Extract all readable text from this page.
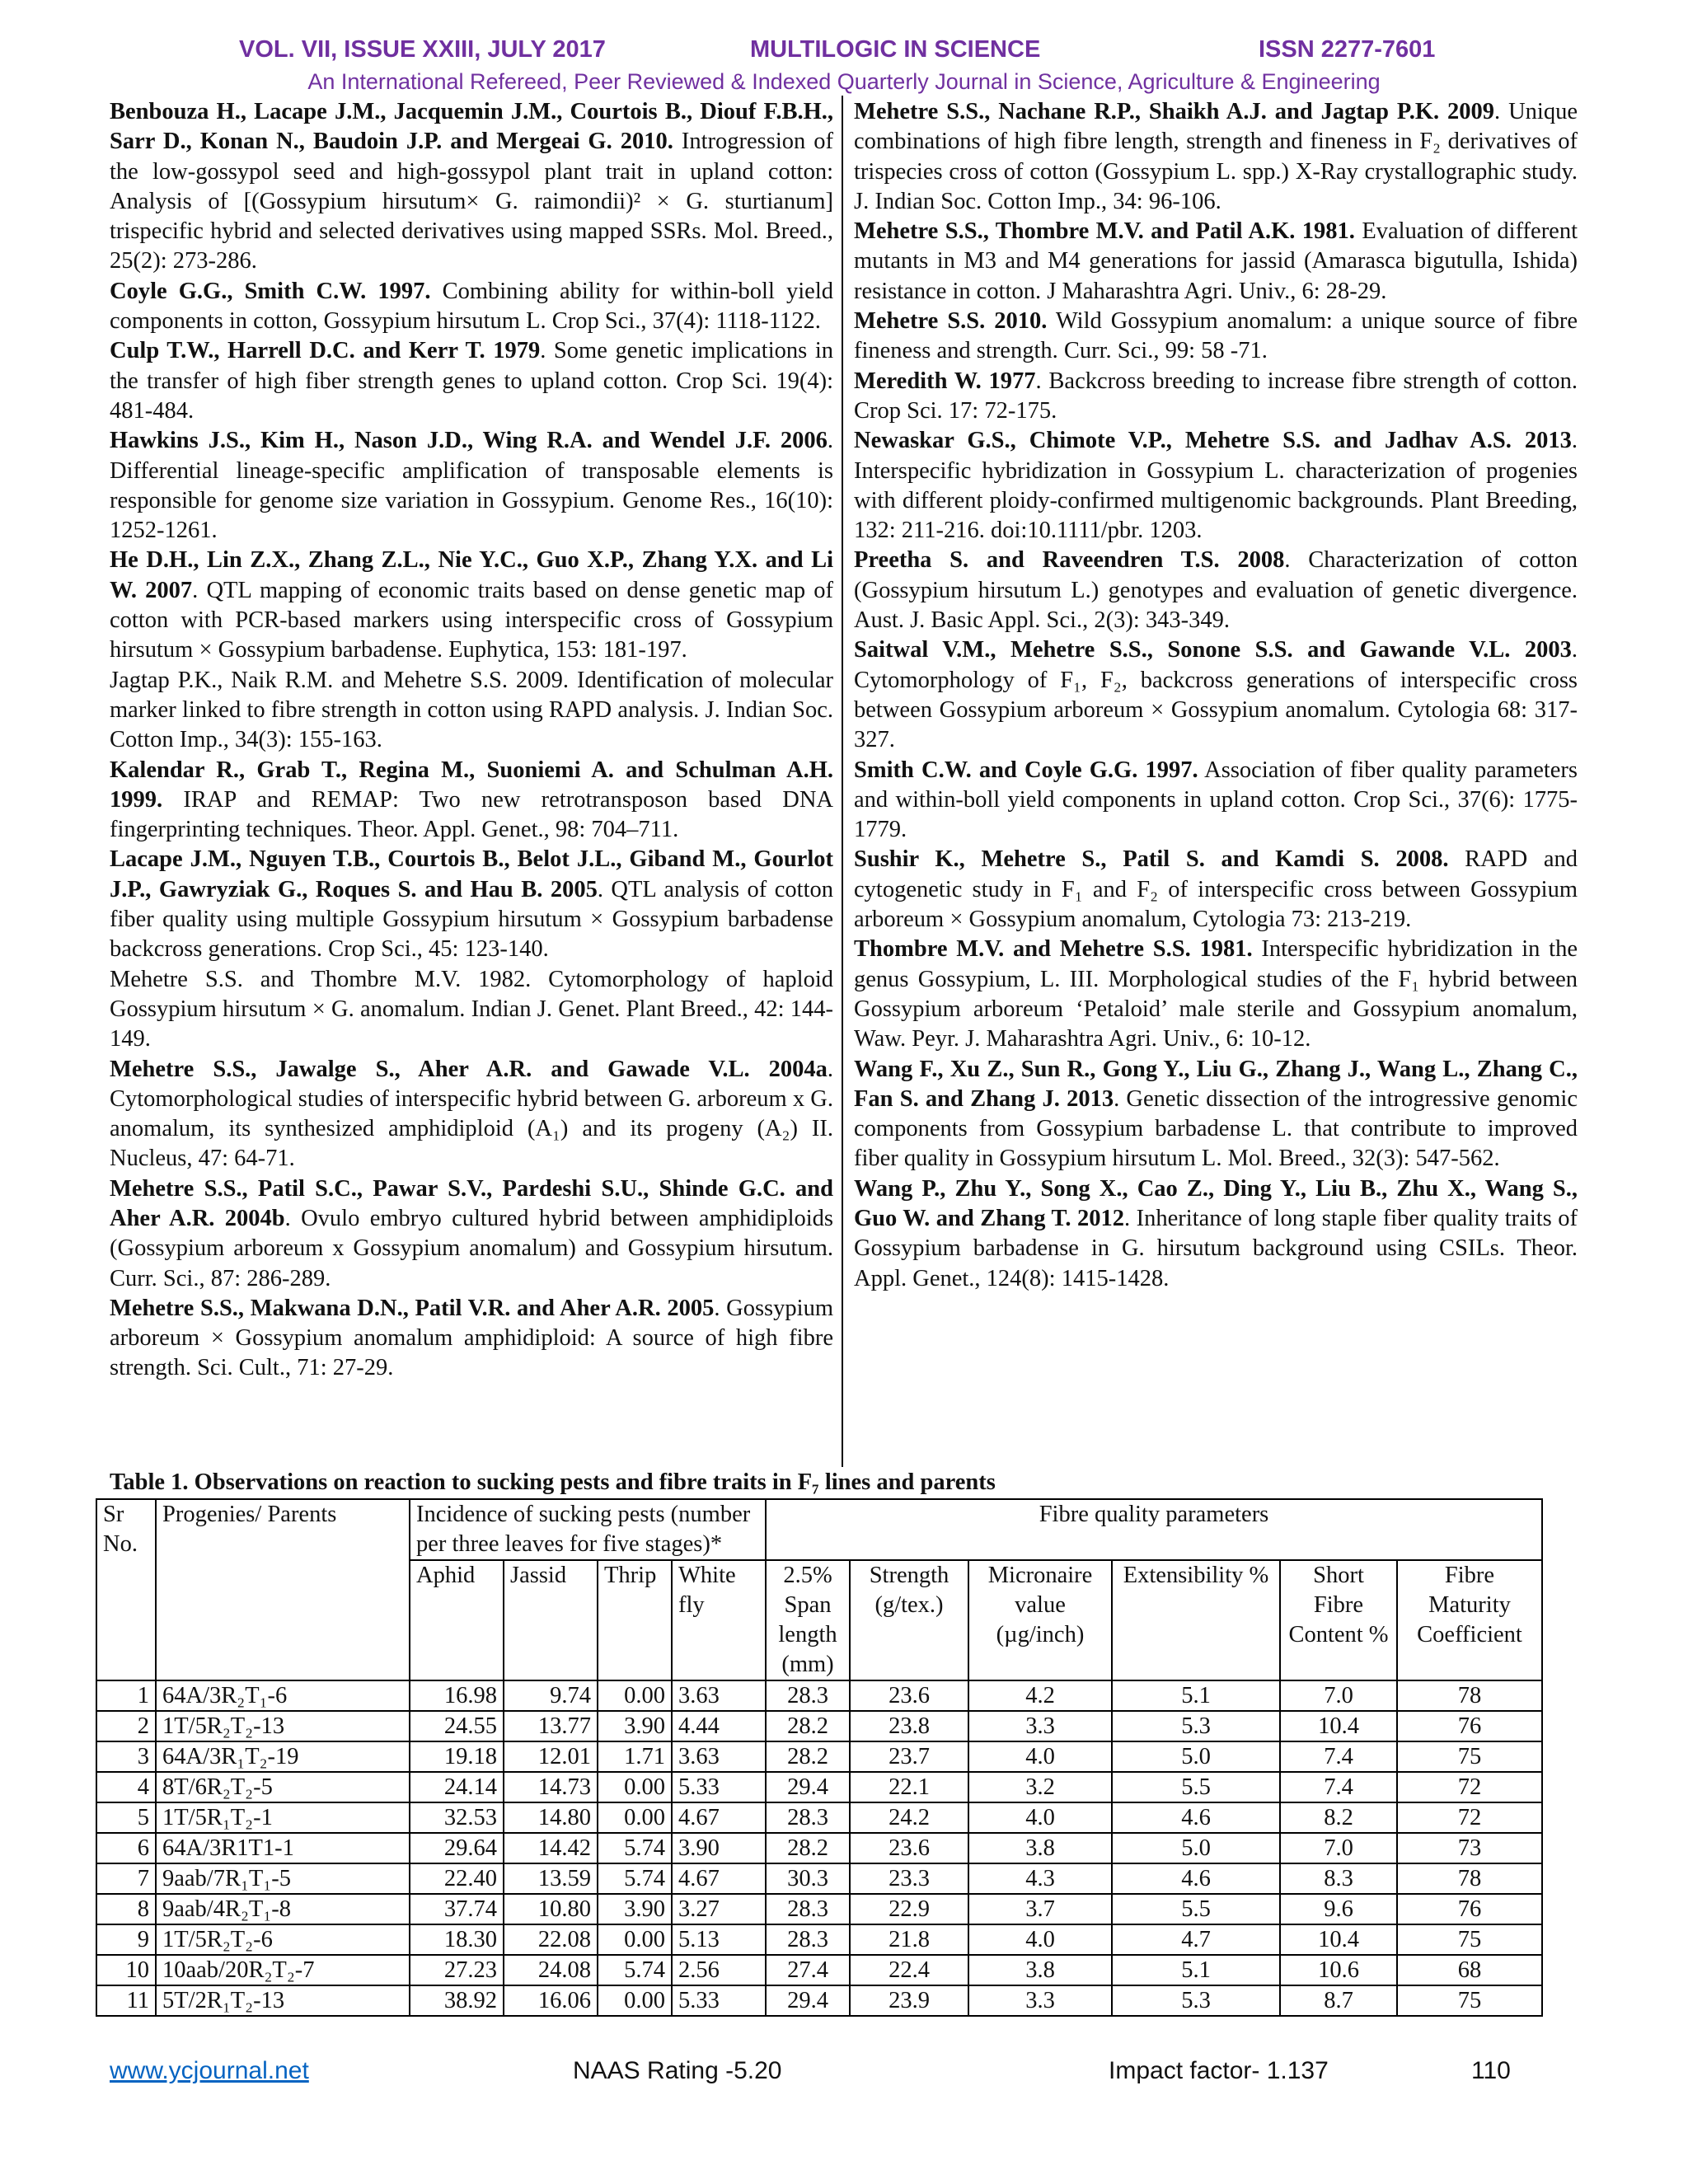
VOL. VII, ISSUE XXIII, JULY 2017	MULTILOGIC IN SCIENCE	ISSN 2277-7601
An International Refereed, Peer Reviewed & Indexed Quarterly Journal in Science, Agriculture & Engineering

Benbouza H., Lacape J.M., Jacquemin J.M., Courtois B., Diouf F.B.H., Sarr D., Konan N., Baudoin J.P. and Mergeai G. 2010. Introgression of the low-gossypol seed and high-gossypol plant trait in upland cotton: Analysis of [(Gossypium hirsutum× G. raimondii)² × G. sturtianum] trispecific hybrid and selected derivatives using mapped SSRs. Mol. Breed., 25(2): 273-286.

Coyle G.G., Smith C.W. 1997. Combining ability for within-boll yield components in cotton, Gossypium hirsutum L. Crop Sci., 37(4): 1118-1122.

Culp T.W., Harrell D.C. and Kerr T. 1979. Some genetic implications in the transfer of high fiber strength genes to upland cotton. Crop Sci. 19(4): 481-484.

Hawkins J.S., Kim H., Nason J.D., Wing R.A. and Wendel J.F. 2006. Differential lineage-specific amplification of transposable elements is responsible for genome size variation in Gossypium. Genome Res., 16(10): 1252-1261.

He D.H., Lin Z.X., Zhang Z.L., Nie Y.C., Guo X.P., Zhang Y.X. and Li W. 2007. QTL mapping of economic traits based on dense genetic map of cotton with PCR-based markers using interspecific cross of Gossypium hirsutum × Gossypium barbadense. Euphytica, 153: 181-197.

Jagtap P.K., Naik R.M. and Mehetre S.S. 2009. Identification of molecular marker linked to fibre strength in cotton using RAPD analysis. J. Indian Soc. Cotton Imp., 34(3): 155-163.

Kalendar R., Grab T., Regina M., Suoniemi A. and Schulman A.H. 1999. IRAP and REMAP: Two new retrotransposon based DNA fingerprinting techniques. Theor. Appl. Genet., 98: 704–711.

Lacape J.M., Nguyen T.B., Courtois B., Belot J.L., Giband M., Gourlot J.P., Gawryziak G., Roques S. and Hau B. 2005. QTL analysis of cotton fiber quality using multiple Gossypium hirsutum × Gossypium barbadense backcross generations. Crop Sci., 45: 123-140.

Mehetre S.S. and Thombre M.V. 1982. Cytomorphology of haploid Gossypium hirsutum × G. anomalum. Indian J. Genet. Plant Breed., 42: 144-149.

Mehetre S.S., Jawalge S., Aher A.R. and Gawade V.L. 2004a. Cytomorphological studies of interspecific hybrid between G. arboreum x G. anomalum, its synthesized amphidiploid (A₁) and its progeny (A₂) II. Nucleus, 47: 64-71.

Mehetre S.S., Patil S.C., Pawar S.V., Pardeshi S.U., Shinde G.C. and Aher A.R. 2004b. Ovulo embryo cultured hybrid between amphidiploids (Gossypium arboreum x Gossypium anomalum) and Gossypium hirsutum. Curr. Sci., 87: 286-289.

Mehetre S.S., Makwana D.N., Patil V.R. and Aher A.R. 2005. Gossypium arboreum × Gossypium anomalum amphidiploid: A source of high fibre strength. Sci. Cult., 71: 27-29.

Mehetre S.S., Nachane R.P., Shaikh A.J. and Jagtap P.K. 2009. Unique combinations of high fibre length, strength and fineness in F₂ derivatives of trispecies cross of cotton (Gossypium L. spp.) X-Ray crystallographic study. J. Indian Soc. Cotton Imp., 34: 96-106.

Mehetre S.S., Thombre M.V. and Patil A.K. 1981. Evaluation of different mutants in M3 and M4 generations for jassid (Amarasca bigutulla, Ishida) resistance in cotton. J Maharashtra Agri. Univ., 6: 28-29.

Mehetre S.S. 2010. Wild Gossypium anomalum: a unique source of fibre fineness and strength. Curr. Sci., 99: 58 -71.

Meredith W. 1977. Backcross breeding to increase fibre strength of cotton. Crop Sci. 17: 72-175.

Newaskar G.S., Chimote V.P., Mehetre S.S. and Jadhav A.S. 2013. Interspecific hybridization in Gossypium L. characterization of progenies with different ploidy-confirmed multigenomic backgrounds. Plant Breeding, 132: 211-216. doi:10.1111/pbr. 1203.

Preetha S. and Raveendren T.S. 2008. Characterization of cotton (Gossypium hirsutum L.) genotypes and evaluation of genetic divergence. Aust. J. Basic Appl. Sci., 2(3): 343-349.

Saitwal V.M., Mehetre S.S., Sonone S.S. and Gawande V.L. 2003. Cytomorphology of F₁, F₂, backcross generations of interspecific cross between Gossypium arboreum × Gossypium anomalum. Cytologia 68: 317-327.

Smith C.W. and Coyle G.G. 1997. Association of fiber quality parameters and within-boll yield components in upland cotton. Crop Sci., 37(6): 1775-1779.

Sushir K., Mehetre S., Patil S. and Kamdi S. 2008. RAPD and cytogenetic study in F₁ and F₂ of interspecific cross between Gossypium arboreum × Gossypium anomalum, Cytologia 73: 213-219.

Thombre M.V. and Mehetre S.S. 1981. Interspecific hybridization in the genus Gossypium, L. III. Morphological studies of the F₁ hybrid between Gossypium arboreum ‘Petaloid’ male sterile and Gossypium anomalum, Waw. Peyr. J. Maharashtra Agri. Univ., 6: 10-12.

Wang F., Xu Z., Sun R., Gong Y., Liu G., Zhang J., Wang L., Zhang C., Fan S. and Zhang J. 2013. Genetic dissection of the introgressive genomic components from Gossypium barbadense L. that contribute to improved fiber quality in Gossypium hirsutum L. Mol. Breed., 32(3): 547-562.

Wang P., Zhu Y., Song X., Cao Z., Ding Y., Liu B., Zhu X., Wang S., Guo W. and Zhang T. 2012. Inheritance of long staple fiber quality traits of Gossypium barbadense in G. hirsutum background using CSILs. Theor. Appl. Genet., 124(8): 1415-1428.

Table 1. Observations on reaction to sucking pests and fibre traits in F₇ lines and parents
Sr No.	Progenies/ Parents	Incidence of sucking pests (number per three leaves for five stages)*				Fibre quality parameters					
		Aphid	Jassid	Thrip	White fly	2.5% Span length (mm)	Strength (g/tex.)	Micronaire value (µg/inch)	Extensibility %	Short Fibre Content %	Fibre Maturity Coefficient
1	64A/3R₂T₁-6	16.98	9.74	0.00	3.63	28.3	23.6	4.2	5.1	7.0	78
2	1T/5R₂T₂-13	24.55	13.77	3.90	4.44	28.2	23.8	3.3	5.3	10.4	76
3	64A/3R₁T₂-19	19.18	12.01	1.71	3.63	28.2	23.7	4.0	5.0	7.4	75
4	8T/6R₂T₂-5	24.14	14.73	0.00	5.33	29.4	22.1	3.2	5.5	7.4	72
5	1T/5R₁T₂-1	32.53	14.80	0.00	4.67	28.3	24.2	4.0	4.6	8.2	72
6	64A/3R1T1-1	29.64	14.42	5.74	3.90	28.2	23.6	3.8	5.0	7.0	73
7	9aab/7R₁T₁-5	22.40	13.59	5.74	4.67	30.3	23.3	4.3	4.6	8.3	78
8	9aab/4R₂T₁-8	37.74	10.80	3.90	3.27	28.3	22.9	3.7	5.5	9.6	76
9	1T/5R₂T₂-6	18.30	22.08	0.00	5.13	28.3	21.8	4.0	4.7	10.4	75
10	10aab/20R₂T₂-7	27.23	24.08	5.74	2.56	27.4	22.4	3.8	5.1	10.6	68
11	5T/2R₁T₂-13	38.92	16.06	0.00	5.33	29.4	23.9	3.3	5.3	8.7	75
www.ycjournal.net	NAAS Rating -5.20	Impact factor- 1.137	110
